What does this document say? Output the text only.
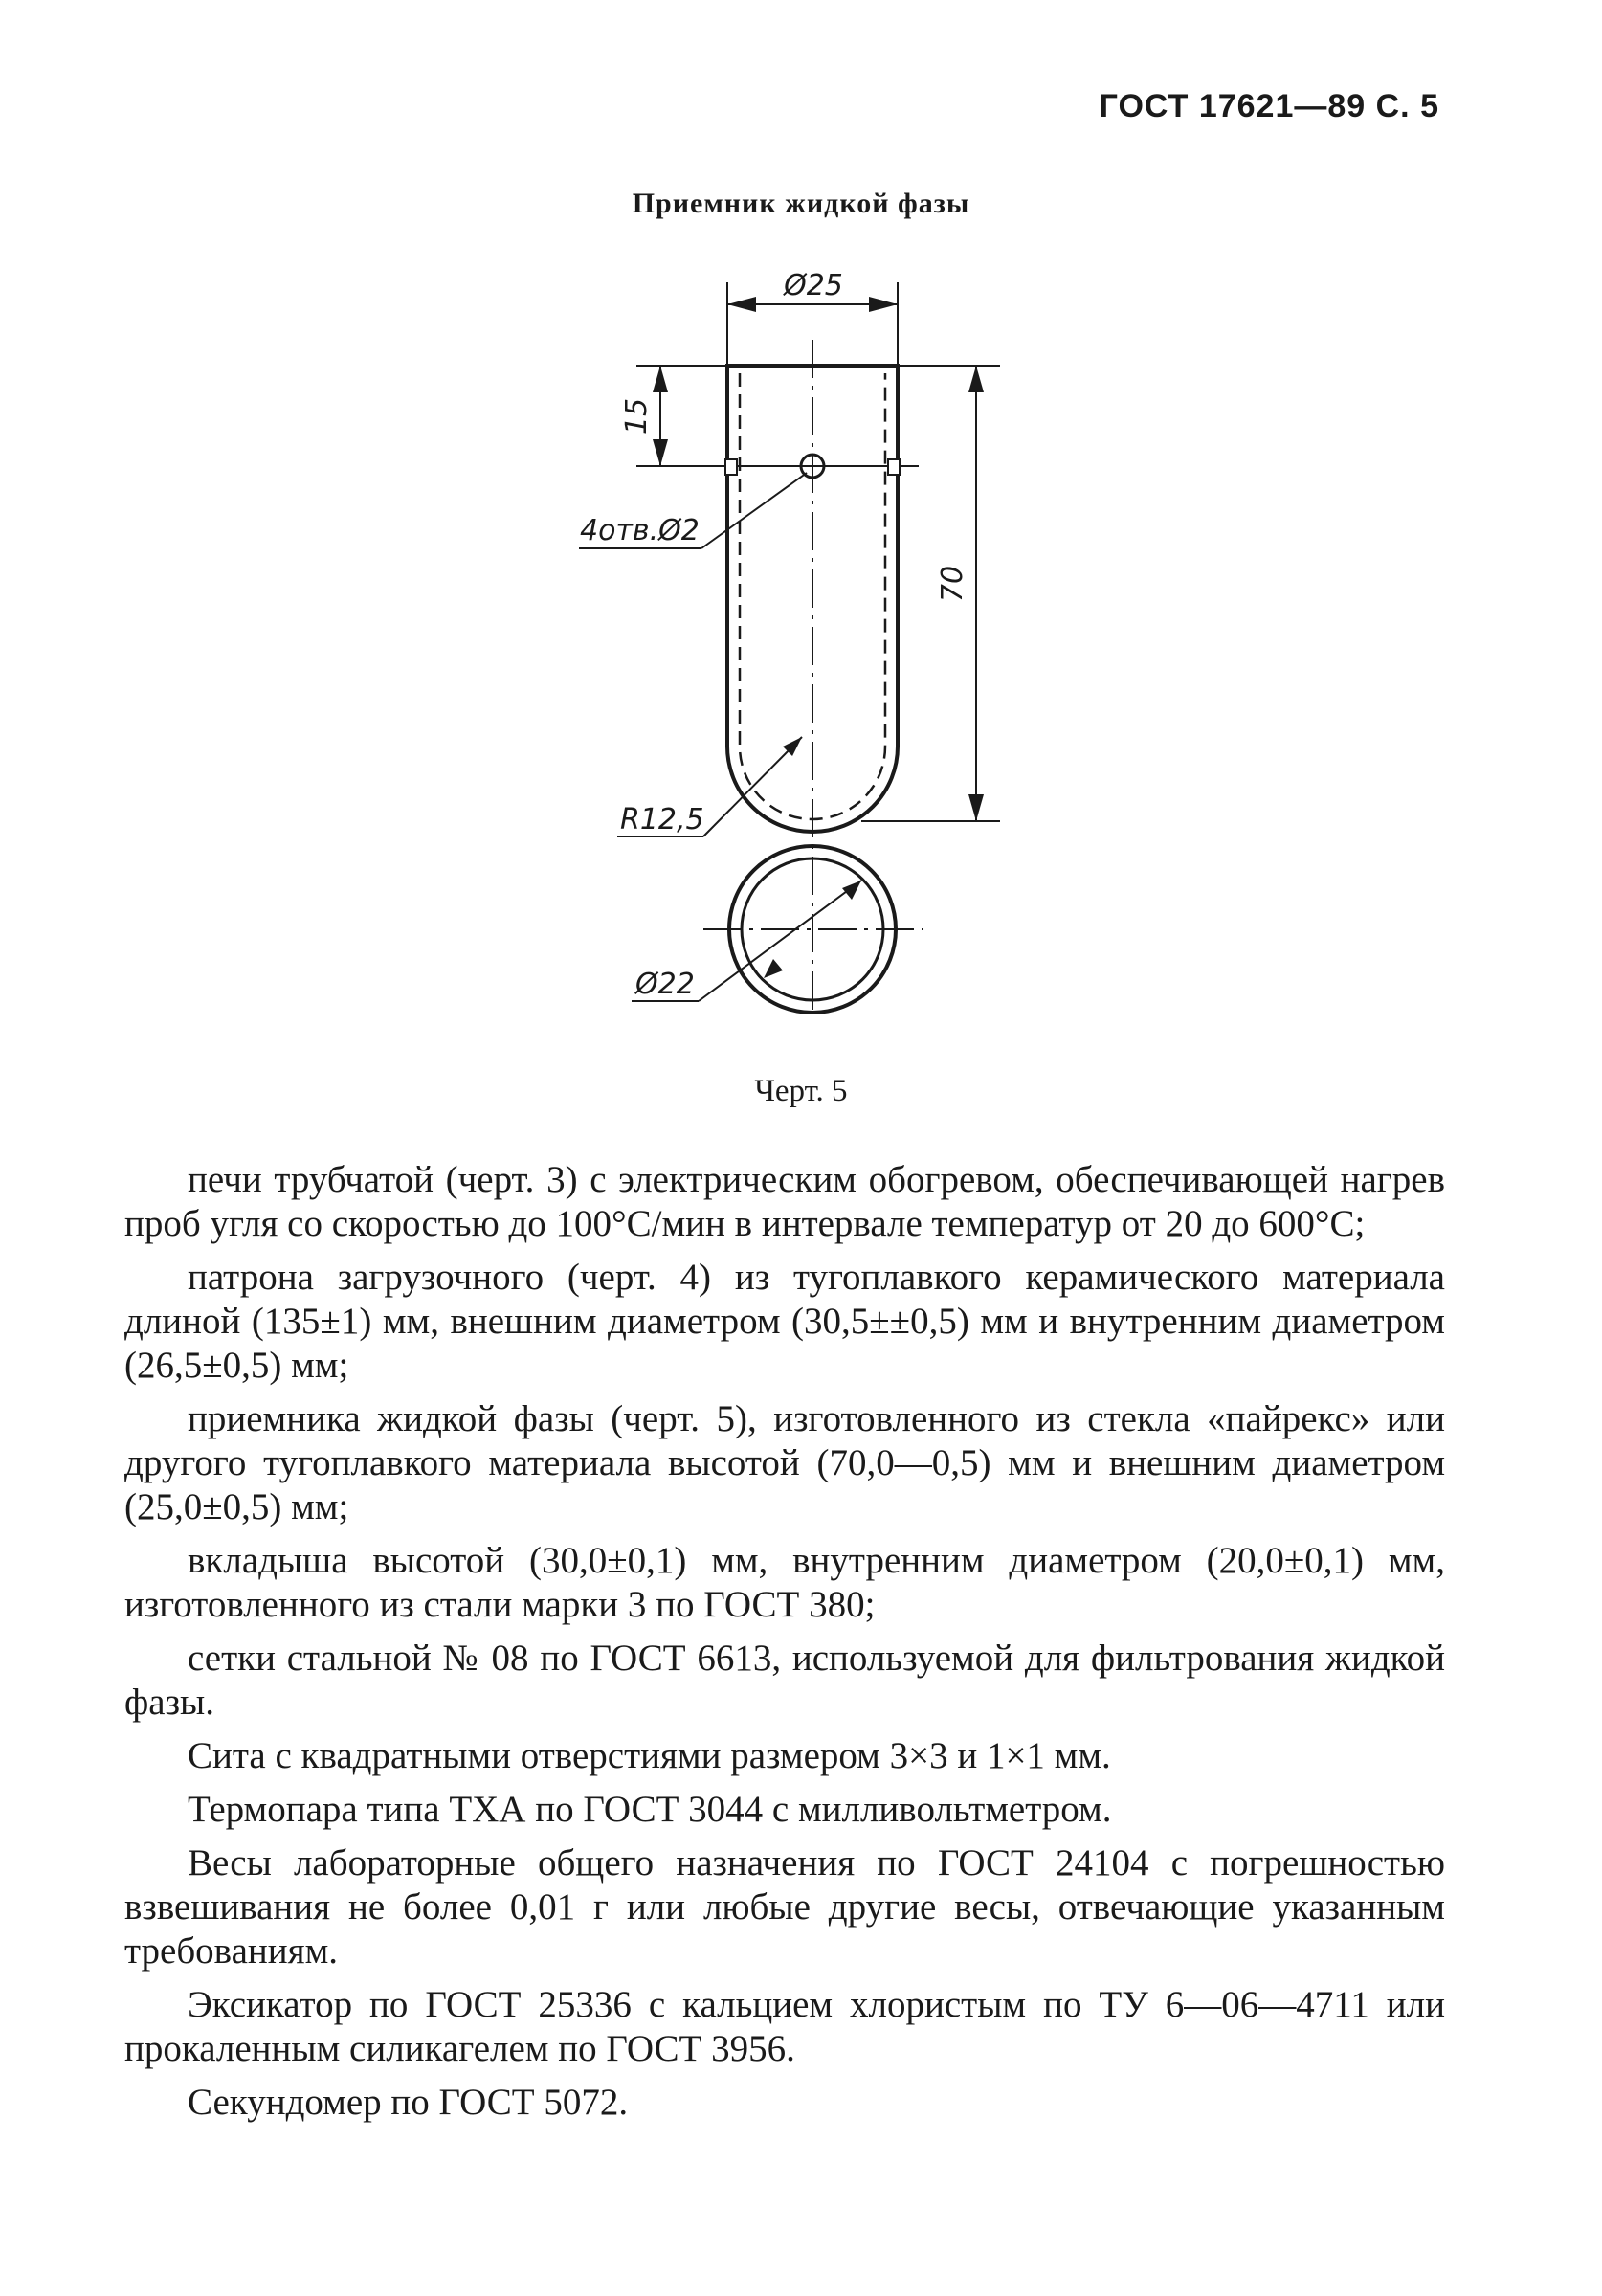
ГОСТ 17621—89 С. 5
Приемник жидкой фазы
Ø25
15
4отв.Ø2
70
R12,5
Ø22
Черт. 5

печи трубчатой (черт. 3) с электрическим обогревом, обеспечивающей нагрев проб угля со скоростью до 100°С/мин в интервале температур от 20 до 600°С;

патрона загрузочного (черт. 4) из тугоплавкого керамического материала длиной (135±1) мм, внешним диаметром (30,5±±0,5) мм и внутренним диаметром (26,5±0,5) мм;

приемника жидкой фазы (черт. 5), изготовленного из стекла «пайрекс» или другого тугоплавкого материала высотой (70,0—0,5) мм и внешним диаметром (25,0±0,5) мм;

вкладыша высотой (30,0±0,1) мм, внутренним диаметром (20,0±0,1) мм, изготовленного из стали марки 3 по ГОСТ 380;

сетки стальной № 08 по ГОСТ 6613, используемой для фильтрования жидкой фазы.

Сита с квадратными отверстиями размером 3×3 и 1×1 мм.

Термопара типа ТХА по ГОСТ 3044 с милливольтметром.

Весы лабораторные общего назначения по ГОСТ 24104 с погрешностью взвешивания не более 0,01 г или любые другие весы, отвечающие указанным требованиям.

Эксикатор по ГОСТ 25336 с кальцием хлористым по ТУ 6—06—4711 или прокаленным силикагелем по ГОСТ 3956.

Секундомер по ГОСТ 5072.
